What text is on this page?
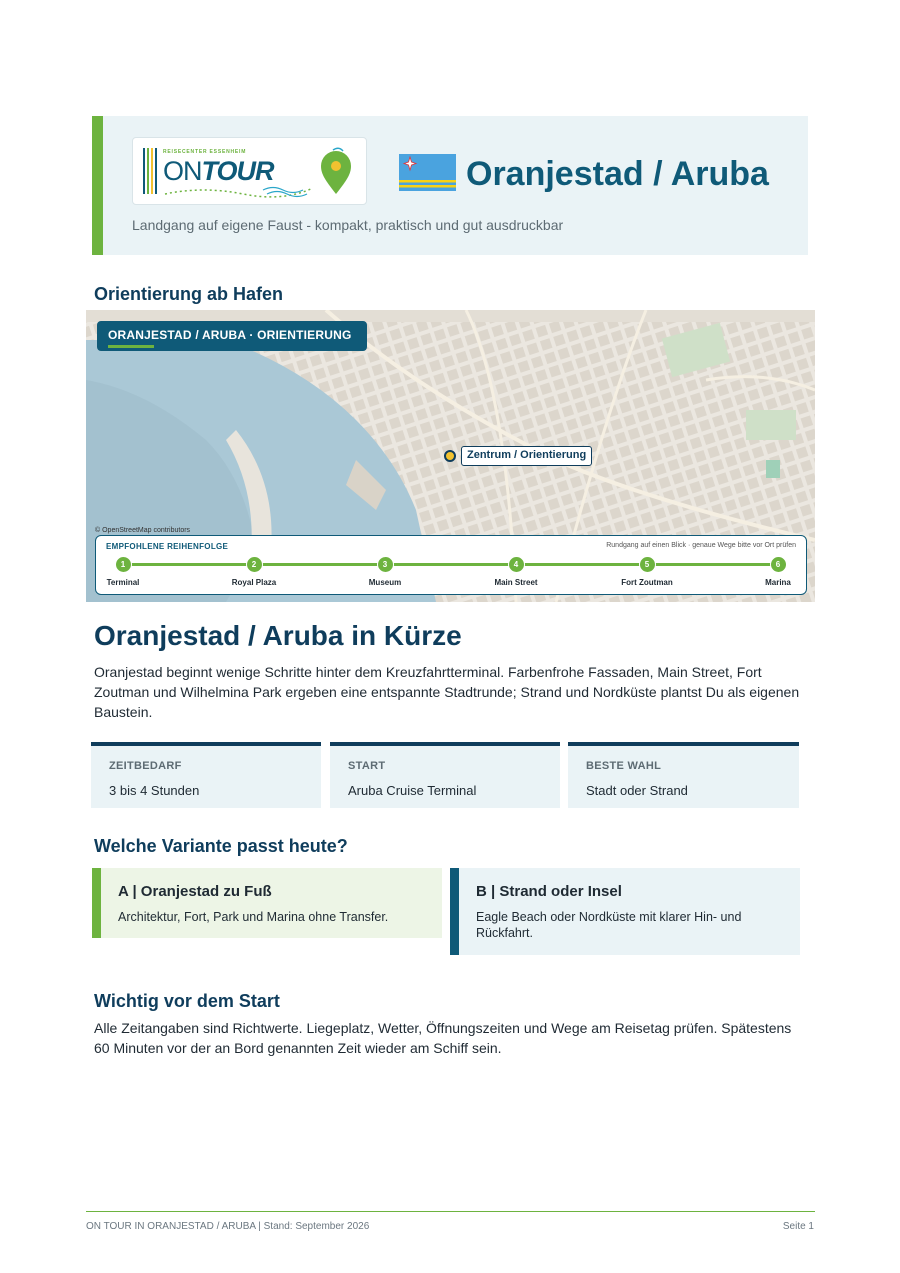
REISECENTER ESSENHEIM
ONTOUR	Oranjestad / Aruba
Landgang auf eigene Faust - kompakt, praktisch und gut ausdruckbar
Orientierung ab Hafen
ORANJESTAD / ARUBA · ORIENTIERUNG
Zentrum / Orientierung
© OpenStreetMap contributors
EMPFOHLENE REIHENFOLGE	Rundgang auf einen Blick · genaue Wege bitte vor Ort prüfen
1
Terminal
2
Royal Plaza
3
Museum
4
Main Street
5
Fort Zoutman
6
Marina
Oranjestad / Aruba in Kürze

Oranjestad beginnt wenige Schritte hinter dem Kreuzfahrtterminal. Farbenfrohe Fassaden, Main Street, Fort Zoutman und Wilhelmina Park ergeben eine entspannte Stadtrunde; Strand und Nordküste plantst Du als eigenen Baustein.

ZEITBEDARF
3 bis 4 Stunden
START
Aruba Cruise Terminal
BESTE WAHL
Stadt oder Strand
Welche Variante passt heute?
A | Oranjestad zu Fuß
Architektur, Fort, Park und Marina ohne Transfer.
B | Strand oder Insel
Eagle Beach oder Nordküste mit klarer Hin- und Rückfahrt.
Wichtig vor dem Start

Alle Zeitangaben sind Richtwerte. Liegeplatz, Wetter, Öffnungszeiten und Wege am Reisetag prüfen. Spätestens 60 Minuten vor der an Bord genannten Zeit wieder am Schiff sein.

ON TOUR IN ORANJESTAD / ARUBA | Stand: September 2026	Seite 1
